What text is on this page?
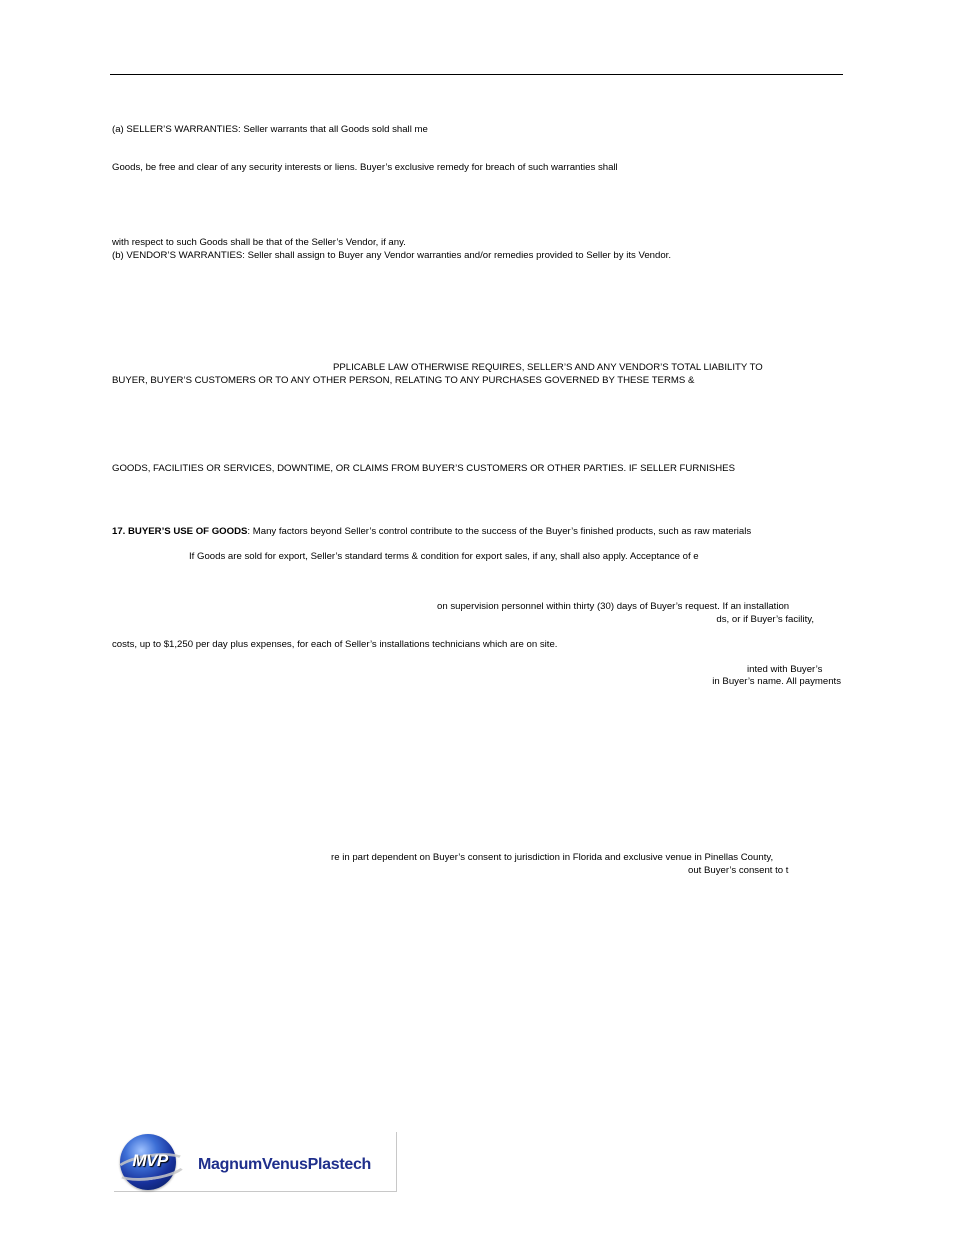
(a) SELLER’S WARRANTIES: Seller warrants that all Goods sold shall me
Goods, be free and clear of any security interests or liens. Buyer’s exclusive remedy for breach of such warranties shall
with respect to such Goods shall be that of the Seller’s Vendor, if any.
(b) VENDOR’S WARRANTIES: Seller shall assign to Buyer any Vendor warranties and/or remedies provided to Seller by its Vendor.
PPLICABLE LAW OTHERWISE REQUIRES, SELLER’S AND ANY VENDOR’S TOTAL LIABILITY TO
BUYER, BUYER’S CUSTOMERS OR TO ANY OTHER PERSON, RELATING TO ANY PURCHASES GOVERNED BY THESE TERMS &
GOODS, FACILITIES OR SERVICES, DOWNTIME, OR CLAIMS FROM BUYER’S CUSTOMERS OR OTHER PARTIES. IF SELLER FURNISHES
17. BUYER’S USE OF GOODS: Many factors beyond Seller’s control contribute to the success of the Buyer’s finished products, such as raw materials
If Goods are sold for export, Seller’s standard terms & condition for export sales, if any, shall also apply. Acceptance of e
on supervision personnel within thirty (30) days of Buyer’s request. If an installation
ds, or if Buyer’s facility,
costs, up to $1,250 per day plus expenses, for each of Seller’s installations technicians which are on site.
inted with Buyer’s
in Buyer’s name. All payments
re in part dependent on Buyer’s consent to jurisdiction in Florida and exclusive venue in Pinellas County,
out Buyer’s consent to t
MVP	MagnumVenusPlastech
